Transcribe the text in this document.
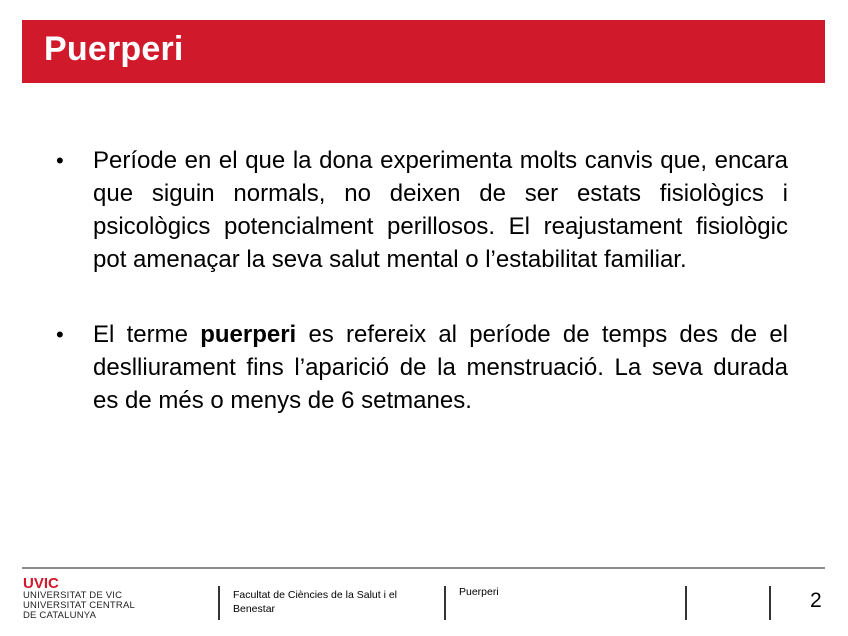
Puerperi
•	Període en el que la dona experimenta molts canvis que, encara que siguin normals, no deixen de ser estats fisiològics i psicològics potencialment perillosos. El reajustament fisiològic pot amenaçar la seva salut mental o l’estabilitat familiar.
•	El terme puerperi es refereix al període de temps des de el deslliurament fins l’aparició de la menstruació. La seva durada es de més o menys de 6 setmanes.
UVIC
UNIVERSITAT DE VIC
UNIVERSITAT CENTRAL
DE CATALUNYA
Facultat de Ciències de la Salut i el Benestar
Puerperi	2
